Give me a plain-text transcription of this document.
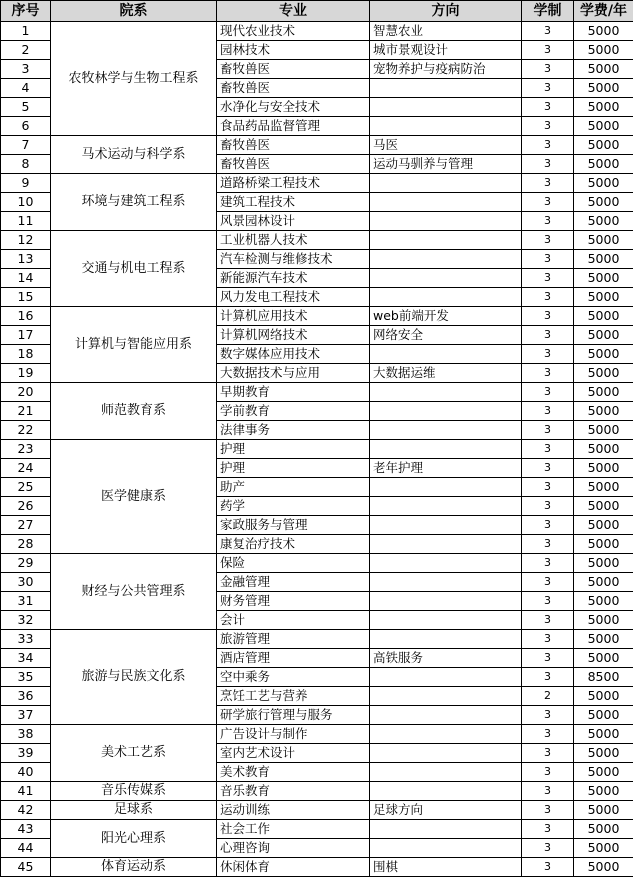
序号	院系	专业	方向	学制	学费/年
1	农牧林学与生物工程系	现代农业技术	智慧农业	3	5000
2		园林技术	城市景观设计	3	5000
3		畜牧兽医	宠物养护与疫病防治	3	5000
4		畜牧兽医		3	5000
5		水净化与安全技术		3	5000
6		食品药品监督管理		3	5000
7	马术运动与科学系	畜牧兽医	马医	3	5000
8		畜牧兽医	运动马驯养与管理	3	5000
9	环境与建筑工程系	道路桥梁工程技术		3	5000
10		建筑工程技术		3	5000
11		风景园林设计		3	5000
12	交通与机电工程系	工业机器人技术		3	5000
13		汽车检测与维修技术		3	5000
14		新能源汽车技术		3	5000
15		风力发电工程技术		3	5000
16	计算机与智能应用系	计算机应用技术	web前端开发	3	5000
17		计算机网络技术	网络安全	3	5000
18		数字媒体应用技术		3	5000
19		大数据技术与应用	大数据运维	3	5000
20	师范教育系	早期教育		3	5000
21		学前教育		3	5000
22		法律事务		3	5000
23	医学健康系	护理		3	5000
24		护理	老年护理	3	5000
25		助产		3	5000
26		药学		3	5000
27		家政服务与管理		3	5000
28		康复治疗技术		3	5000
29	财经与公共管理系	保险		3	5000
30		金融管理		3	5000
31		财务管理		3	5000
32		会计		3	5000
33	旅游与民族文化系	旅游管理		3	5000
34		酒店管理	高铁服务	3	5000
35		空中乘务		3	8500
36		烹饪工艺与营养		2	5000
37		研学旅行管理与服务		3	5000
38	美术工艺系	广告设计与制作		3	5000
39		室内艺术设计		3	5000
40		美术教育		3	5000
41	音乐传媒系	音乐教育		3	5000
42	足球系	运动训练	足球方向	3	5000
43	阳光心理系	社会工作		3	5000
44		心理咨询		3	5000
45	体育运动系	休闲体育	围棋	3	5000
